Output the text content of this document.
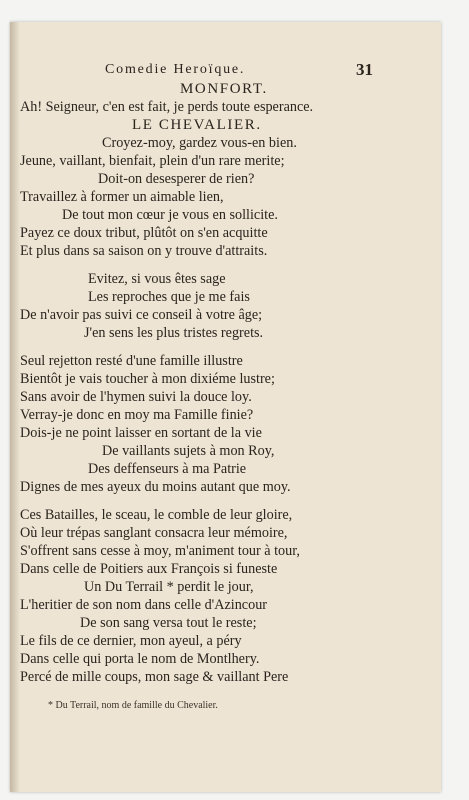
Comedie Heroïque.	31
MONFORT.
Ah! Seigneur, c'en est fait, je perds toute esperance.
LE CHEVALIER.
Croyez-moy, gardez vous-en bien.
Jeune, vaillant, bienfait, plein d'un rare merite;
Doit-on desesperer de rien?
Travaillez à former un aimable lien,
De tout mon cœur je vous en sollicite.
Payez ce doux tribut, plûtôt on s'en acquitte
Et plus dans sa saison on y trouve d'attraits.
Evitez, si vous êtes sage
Les reproches que je me fais
De n'avoir pas suivi ce conseil à votre âge;
J'en sens les plus tristes regrets.
Seul rejetton resté d'une famille illustre
Bientôt je vais toucher à mon dixiéme lustre;
Sans avoir de l'hymen suivi la douce loy.
Verray-je donc en moy ma Famille finie?
Dois-je ne point laisser en sortant de la vie
De vaillants sujets à mon Roy,
Des deffenseurs à ma Patrie
Dignes de mes ayeux du moins autant que moy.
Ces Batailles, le sceau, le comble de leur gloire,
Où leur trépas sanglant consacra leur mémoire,
S'offrent sans cesse à moy, m'animent tour à tour,
Dans celle de Poitiers aux François si funeste
Un Du Terrail * perdit le jour,
L'heritier de son nom dans celle d'Azincour
De son sang versa tout le reste;
Le fils de ce dernier, mon ayeul, a péry
Dans celle qui porta le nom de Montlhery.
Percé de mille coups, mon sage & vaillant Pere
* Du Terrail, nom de famille du Chevalier.
